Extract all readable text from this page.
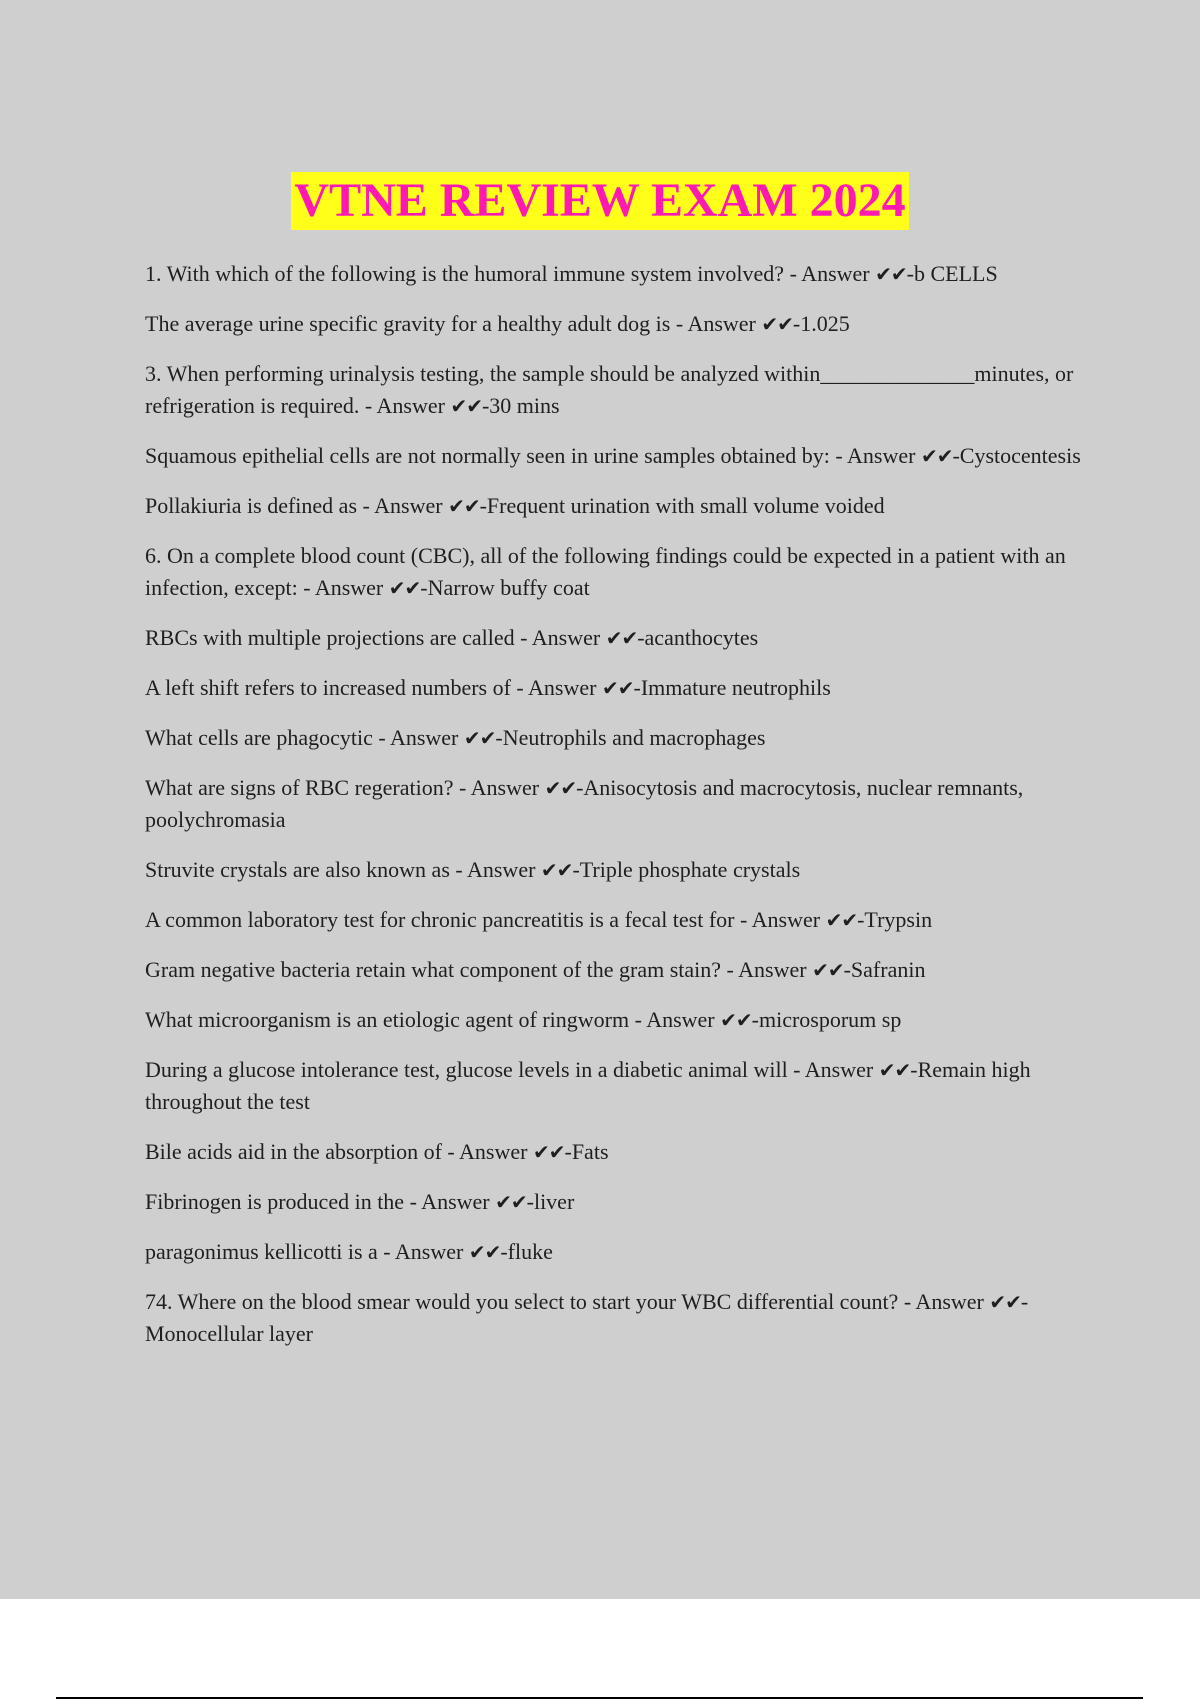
VTNE REVIEW EXAM 2024
1. With which of the following is the humoral immune system involved? - Answer ✔✔-b CELLS
The average urine specific gravity for a healthy adult dog is - Answer ✔✔-1.025
3. When performing urinalysis testing, the sample should be analyzed within______________minutes, or refrigeration is required. - Answer ✔✔-30 mins
Squamous epithelial cells are not normally seen in urine samples obtained by: - Answer ✔✔-Cystocentesis
Pollakiuria is defined as - Answer ✔✔-Frequent urination with small volume voided
6. On a complete blood count (CBC), all of the following findings could be expected in a patient with an infection, except: - Answer ✔✔-Narrow buffy coat
RBCs with multiple projections are called - Answer ✔✔-acanthocytes
A left shift refers to increased numbers of - Answer ✔✔-Immature neutrophils
What cells are phagocytic - Answer ✔✔-Neutrophils and macrophages
What are signs of RBC regeration? - Answer ✔✔-Anisocytosis and macrocytosis, nuclear remnants, poolychromasia
Struvite crystals are also known as - Answer ✔✔-Triple phosphate crystals
A common laboratory test for chronic pancreatitis is a fecal test for - Answer ✔✔-Trypsin
Gram negative bacteria retain what component of the gram stain? - Answer ✔✔-Safranin
What microorganism is an etiologic agent of ringworm - Answer ✔✔-microsporum sp
During a glucose intolerance test, glucose levels in a diabetic animal will - Answer ✔✔-Remain high throughout the test
Bile acids aid in the absorption of - Answer ✔✔-Fats
Fibrinogen is produced in the - Answer ✔✔-liver
paragonimus kellicotti is a - Answer ✔✔-fluke
74. Where on the blood smear would you select to start your WBC differential count? - Answer ✔✔-Monocellular layer
